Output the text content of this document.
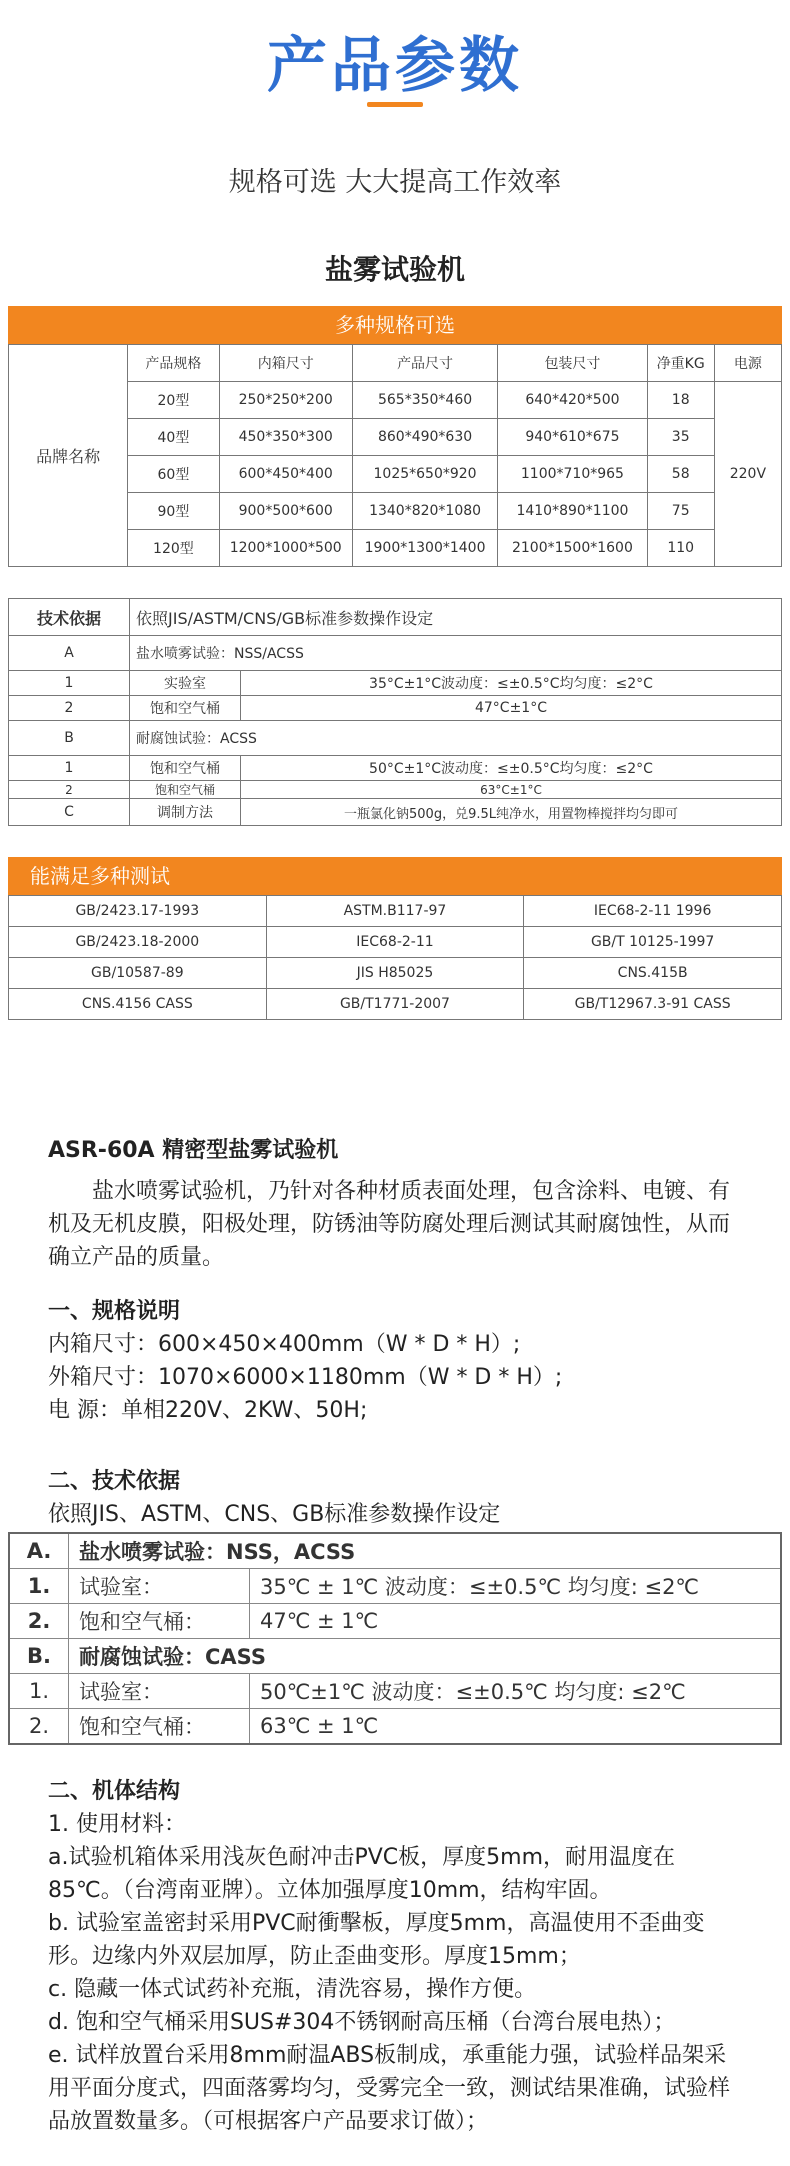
产品参数
规格可选 大大提高工作效率
盐雾试验机
多种规格可选
品牌名称	产品规格	内箱尺寸	产品尺寸	包装尺寸	净重KG	电源
	20型	250*250*200	565*350*460	640*420*500	18	220V
	40型	450*350*300	860*490*630	940*610*675	35	
	60型	600*450*400	1025*650*920	1100*710*965	58	
	90型	900*500*600	1340*820*1080	1410*890*1100	75	
	120型	1200*1000*500	1900*1300*1400	2100*1500*1600	110	
技术依据	依照JIS/ASTM/CNS/GB标准参数操作设定	
A	盐水喷雾试验：NSS/ACSS	
1	实验室	35°C±1°C波动度：≤±0.5°C均匀度：≤2°C
2	饱和空气桶	47°C±1°C
B	耐腐蚀试验：ACSS	
1	饱和空气桶	50°C±1°C波动度：≤±0.5°C均匀度：≤2°C
2	饱和空气桶	63°C±1°C
C	调制方法	一瓶氯化钠500g，兑9.5L纯净水，用置物棒搅拌均匀即可
能满足多种测试
GB/2423.17-1993	ASTM.B117-97	IEC68-2-11 1996
GB/2423.18-2000	IEC68-2-11	GB/T 10125-1997
GB/10587-89	JIS H85025	CNS.415B
CNS.4156 CASS	GB/T1771-2007	GB/T12967.3-91 CASS
ASR-60A 精密型盐雾试验机
盐水喷雾试验机，乃针对各种材质表面处理，包含涂料、电镀、有机及无机皮膜，阳极处理，防锈油等防腐处理后测试其耐腐蚀性，从而确立产品的质量。
一、规格说明
内箱尺寸：600×450×400mm（W * D * H）;
外箱尺寸：1070×6000×1180mm（W * D * H）;
电 源：单相220V、2KW、50H;
二、技术依据
依照JIS、ASTM、CNS、GB标准参数操作设定
A.	盐水喷雾试验：NSS，ACSS	
1.	试验室：	35℃ ± 1℃ 波动度：≤±0.5℃ 均匀度: ≤2℃
2.	饱和空气桶：	47℃ ± 1℃
B.	耐腐蚀试验：CASS	
1.	试验室：	50℃±1℃ 波动度：≤±0.5℃ 均匀度: ≤2℃
2.	饱和空气桶：	63℃ ± 1℃
二、机体结构
1. 使用材料：
a.试验机箱体采用浅灰色耐冲击PVC板，厚度5mm，耐用温度在85℃。（台湾南亚牌）。立体加强厚度10mm，结构牢固。
b. 试验室盖密封采用PVC耐衝擊板，厚度5mm，高温使用不歪曲变形。边缘内外双层加厚，防止歪曲变形。厚度15mm；
c. 隐藏一体式试药补充瓶，清洗容易，操作方便。
d. 饱和空气桶采用SUS#304不锈钢耐高压桶（台湾台展电热）；
e. 试样放置台采用8mm耐温ABS板制成，承重能力强，试验样品架采用平面分度式，四面落雾均匀，受雾完全一致，测试结果准确，试验样品放置数量多。（可根据客户产品要求订做）；
